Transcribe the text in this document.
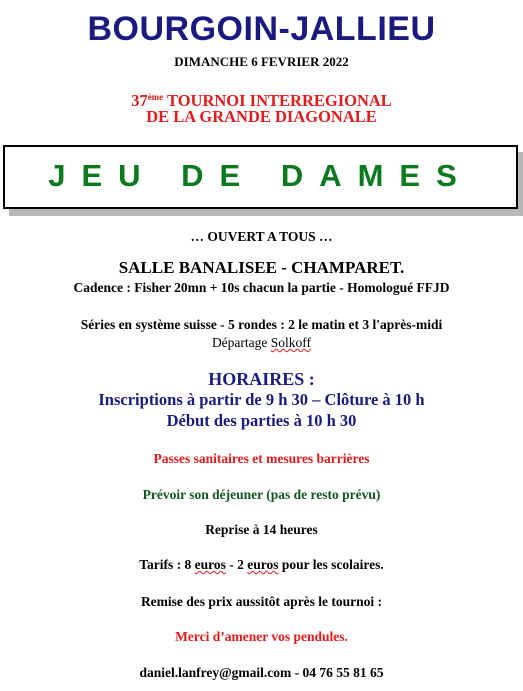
BOURGOIN-JALLIEU
DIMANCHE 6 FEVRIER 2022
37ème TOURNOI INTERREGIONAL
DE LA GRANDE DIAGONALE
JEU DE DAMES
… OUVERT A TOUS …
SALLE BANALISEE - CHAMPARET.
Cadence : Fisher 20mn + 10s chacun la partie - Homologué FFJD
Séries en système suisse - 5 rondes : 2 le matin et 3 l'après-midi
Départage Solkoff
HORAIRES :
Inscriptions à partir de 9 h 30 – Clôture à 10 h
Début des parties à 10 h 30
Passes sanitaires et mesures barrières
Prévoir son déjeuner (pas de resto prévu)
Reprise à 14 heures
Tarifs : 8 euros - 2 euros pour les scolaires.
Remise des prix aussitôt après le tournoi :
Merci d’amener vos pendules.
daniel.lanfrey@gmail.com - 04 76 55 81 65
